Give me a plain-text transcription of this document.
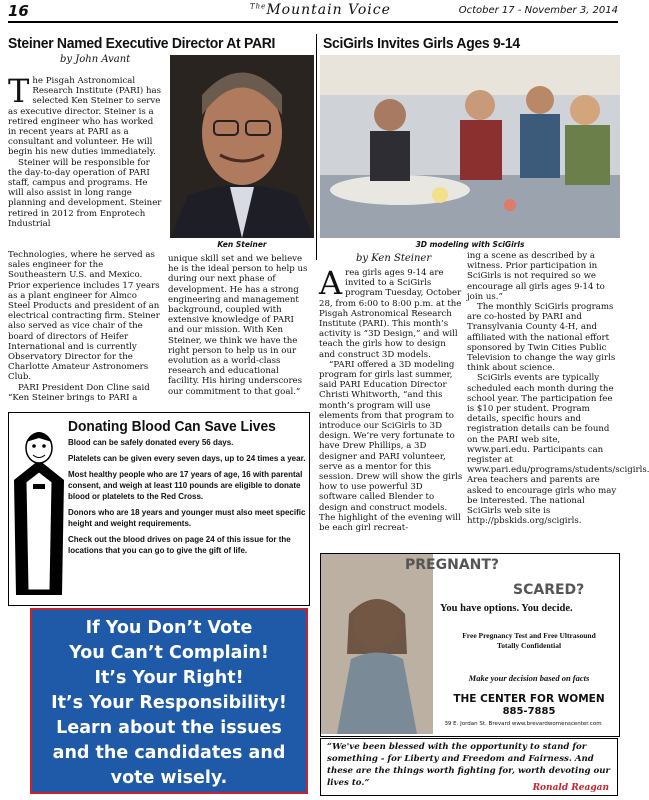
16	$^{The}$Mountain Voice	October 17 - November 3, 2014
Steiner Named Executive Director At PARI
by John Avant

The Pisgah Astronomical Research Institute (PARI) has selected Ken Steiner to serve as executive director. Steiner is a retired engineer who has worked in recent years at PARI as a consultant and volunteer. He will begin his new duties immediately.

Steiner will be responsible for the day-to-day operation of PARI staff, campus and programs. He will also assist in long range planning and development. Steiner retired in 2012 from Enprotech Industrial

Ken Steiner

Technologies, where he served as sales engineer for the Southeastern U.S. and Mexico. Prior experience includes 17 years as a plant engineer for Almco Steel Products and president of an electrical contracting firm. Steiner also served as vice chair of the board of directors of Heifer International and is currently Observatory Director for the Charlotte Amateur Astronomers Club.

PARI President Don Cline said “Ken Steiner brings to PARI a

unique skill set and we believe he is the ideal person to help us during our next phase of development. He has a strong engineering and management background, coupled with extensive knowledge of PARI and our mission. With Ken Steiner, we think we have the right person to help us in our evolution as a world-class research and educational facility. His hiring underscores our commitment to that goal.”

SciGirls Invites Girls Ages 9-14
3D modeling with SciGirls
by Ken Steiner

Area girls ages 9-14 are invited to a SciGirls program Tuesday, October 28, from 6:00 to 8:00 p.m. at the Pisgah Astronomical Research Institute (PARI). This month’s activity is “3D Design,” and will teach the girls how to design and construct 3D models.

“PARI offered a 3D modeling program for girls last summer, said PARI Education Director Christi Whitworth, “and this month’s program will use elements from that program to introduce our SciGirls to 3D design. We’re very fortunate to have Drew Phillips, a 3D designer and PARI volunteer, serve as a mentor for this session. Drew will show the girls how to use powerful 3D software called Blender to design and construct models. The highlight of the evening will be each girl recreat-

ing a scene as described by a witness. Prior participation in SciGirls is not required so we encourage all girls ages 9-14 to join us.”

The monthly SciGirls programs are co-hosted by PARI and Transylvania County 4-H, and affiliated with the national effort sponsored by Twin Cities Public Television to change the way girls think about science.

SciGirls events are typically scheduled each month during the school year. The participation fee is $10 per student. Program details, specific hours and registration details can be found on the PARI web site, www.pari.edu. Participants can register at www.pari.edu/programs/students/scigirls. Area teachers and parents are asked to encourage girls who may be interested. The national SciGirls web site is http://pbskids.org/scigirls.

Donating Blood Can Save Lives

Blood can be safely donated every 56 days.

Platelets can be given every seven days, up to 24 times a year.

Most healthy people who are 17 years of age, 16 with parental consent, and weigh at least 110 pounds are eligible to donate blood or platelets to the Red Cross.

Donors who are 18 years and younger must also meet specific height and weight requirements.

Check out the blood drives on page 24 of this issue for the locations that you can go to give the gift of life.

If You Don’t Vote
You Can’t Complain!
It’s Your Right!
It’s Your Responsibility!
Learn about the issues
and the candidates and
vote wisely.
PREGNANT?
SCARED?
You have options. You decide.
Free Pregnancy Test and Free Ultrasound
Totally Confidential
Make your decision based on facts
THE CENTER FOR WOMEN
885-7885
39 E. Jordan St. Brevard www.brevardwomenscenter.com
“We've been blessed with the opportunity to stand for something - for Liberty and Freedom and Fairness. And these are the things worth fighting for, worth devoting our lives to.”	Ronald Reagan
